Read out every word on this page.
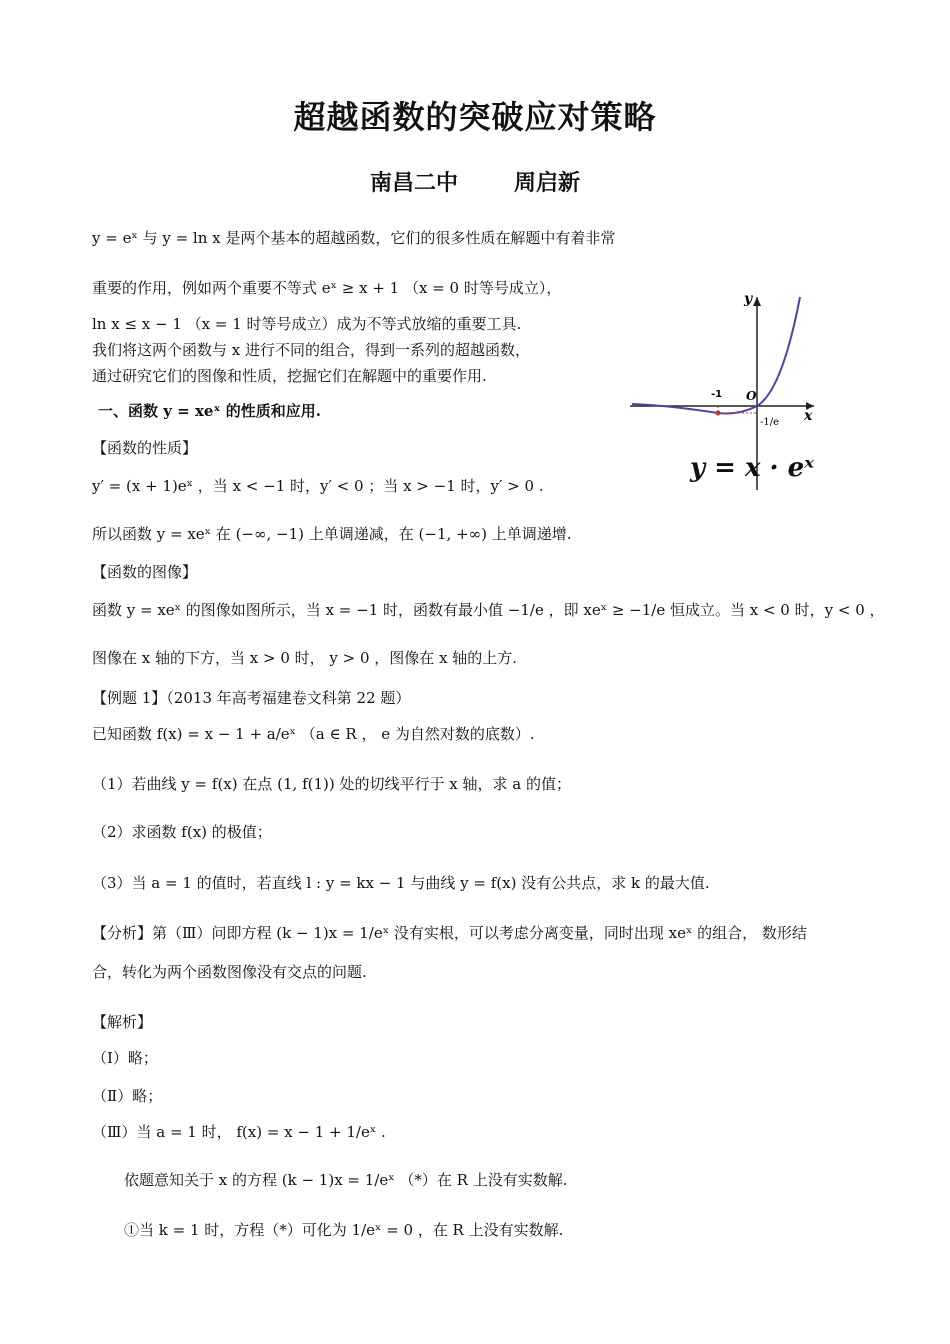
超越函数的突破应对策略
南昌二中	周启新
y = eˣ 与 y = ln x 是两个基本的超越函数，它们的很多性质在解题中有着非常
重要的作用，例如两个重要不等式 eˣ ≥ x + 1 （x = 0 时等号成立），
ln x ≤ x − 1 （x = 1 时等号成立）成为不等式放缩的重要工具.
我们将这两个函数与 x 进行不同的组合，得到一系列的超越函数，
通过研究它们的图像和性质，挖掘它们在解题中的重要作用.
一、函数 y = xeˣ 的性质和应用.
【函数的性质】
y′ = (x + 1)eˣ ，当 x < −1 时，y′ < 0 ；当 x > −1 时，y′ > 0 .
所以函数 y = xeˣ 在 (−∞, −1) 上单调递减，在 (−1, +∞) 上单调递增.
【函数的图像】
函数 y = xeˣ 的图像如图所示，当 x = −1 时，函数有最小值 −1/e ，即 xeˣ ≥ −1/e 恒成立。当 x < 0 时，y < 0 ，
图像在 x 轴的下方，当 x > 0 时， y > 0 ，图像在 x 轴的上方.
y
x
O
-1
-1/e
y = x · eˣ
【例题 1】（2013 年高考福建卷文科第 22 题）
已知函数 f(x) = x − 1 + a/eˣ （a ∈ R ， e 为自然对数的底数）.
（1）若曲线 y = f(x) 在点 (1, f(1)) 处的切线平行于 x 轴，求 a 的值；
（2）求函数 f(x) 的极值；
（3）当 a = 1 的值时，若直线 l : y = kx − 1 与曲线 y = f(x) 没有公共点，求 k 的最大值.
【分析】第（Ⅲ）问即方程 (k − 1)x = 1/eˣ 没有实根，可以考虑分离变量，同时出现 xeˣ 的组合， 数形结
合，转化为两个函数图像没有交点的问题.
【解析】
（Ⅰ）略；
（Ⅱ）略；
（Ⅲ）当 a = 1 时， f(x) = x − 1 + 1/eˣ .
依题意知关于 x 的方程 (k − 1)x = 1/eˣ （*）在 R 上没有实数解.
①当 k = 1 时，方程（*）可化为 1/eˣ = 0 ，在 R 上没有实数解.
